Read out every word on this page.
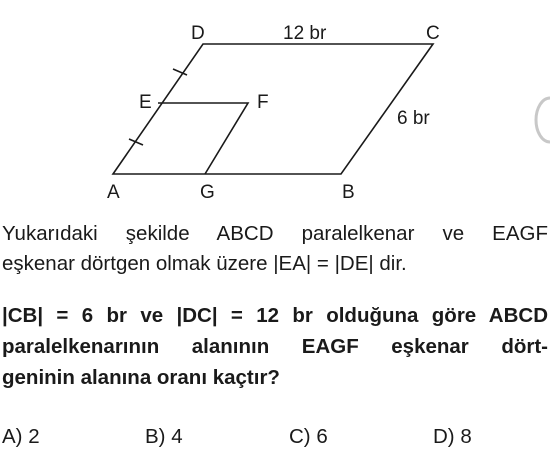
D	C
E	F
A	G	B
12 br
6 br
Yukarıdaki şekilde ABCD paralelkenar ve EAGF
eşkenar dörtgen olmak üzere |EA| = |DE| dir.
|CB| = 6 br ve |DC| = 12 br olduğuna göre ABCD
paralelkenarının alanının EAGF eşkenar dört-
geninin alanına oranı kaçtır?
A) 2	B) 4	C) 6	D) 8
